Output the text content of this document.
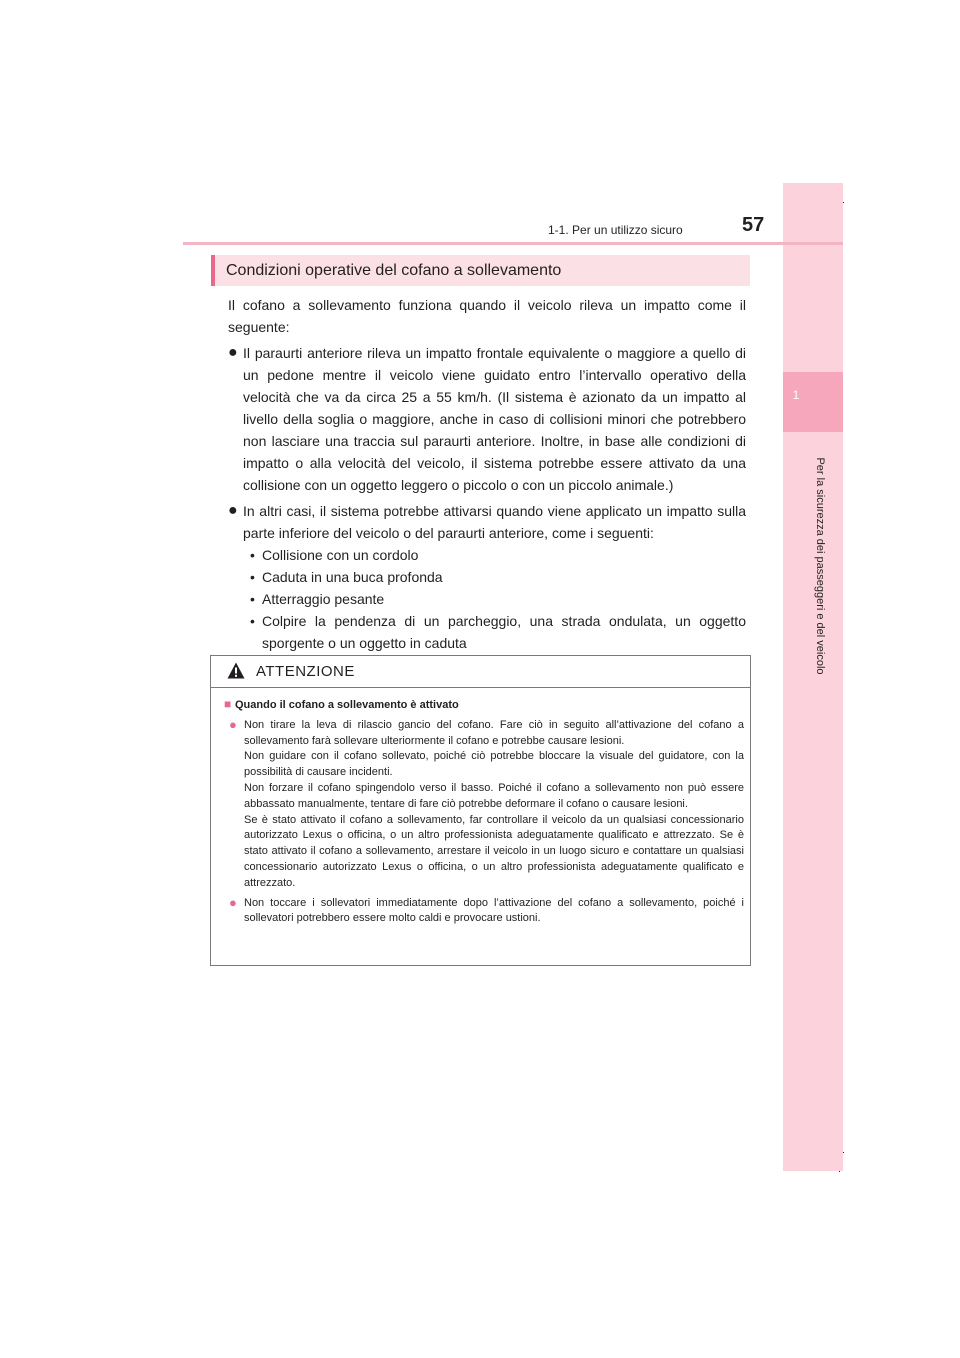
1
Per la sicurezza dei passeggeri e del veicolo
1-1. Per un utilizzo sicuro	57
Condizioni operative del cofano a sollevamento

Il cofano a sollevamento funziona quando il veicolo rileva un impatto come il seguente:

● Il paraurti anteriore rileva un impatto frontale equivalente o maggiore a quello di un pedone mentre il veicolo viene guidato entro l’intervallo operativo della velocità che va da circa 25 a 55 km/h. (Il sistema è azionato da un impatto al livello della soglia o maggiore, anche in caso di collisioni minori che potrebbero non lasciare una traccia sul paraurti anteriore. Inoltre, in base alle condizioni di impatto o alla velocità del veicolo, il sistema potrebbe essere attivato da una collisione con un oggetto leggero o piccolo o con un piccolo animale.)
● In altri casi, il sistema potrebbe attivarsi quando viene applicato un impatto sulla parte inferiore del veicolo o del paraurti anteriore, come i seguenti:
• Collisione con un cordolo
• Caduta in una buca profonda
• Atterraggio pesante
• Colpire la pendenza di un parcheggio, una strada ondulata, un oggetto sporgente o un oggetto in caduta
ATTENZIONE
■ Quando il cofano a sollevamento è attivato
● Non tirare la leva di rilascio gancio del cofano. Fare ciò in seguito all’attivazione del cofano a sollevamento farà sollevare ulteriormente il cofano e potrebbe causare lesioni.
Non guidare con il cofano sollevato, poiché ciò potrebbe bloccare la visuale del guidatore, con la possibilità di causare incidenti.
Non forzare il cofano spingendolo verso il basso. Poiché il cofano a sollevamento non può essere abbassato manualmente, tentare di fare ciò potrebbe deformare il cofano o causare lesioni.
Se è stato attivato il cofano a sollevamento, far controllare il veicolo da un qualsiasi concessionario autorizzato Lexus o officina, o un altro professionista adeguatamente qualificato e attrezzato. Se è stato attivato il cofano a sollevamento, arrestare il veicolo in un luogo sicuro e contattare un qualsiasi concessionario autorizzato Lexus o officina, o un altro professionista adeguatamente qualificato e attrezzato.
● Non toccare i sollevatori immediatamente dopo l’attivazione del cofano a sollevamento, poiché i sollevatori potrebbero essere molto caldi e provocare ustioni.
